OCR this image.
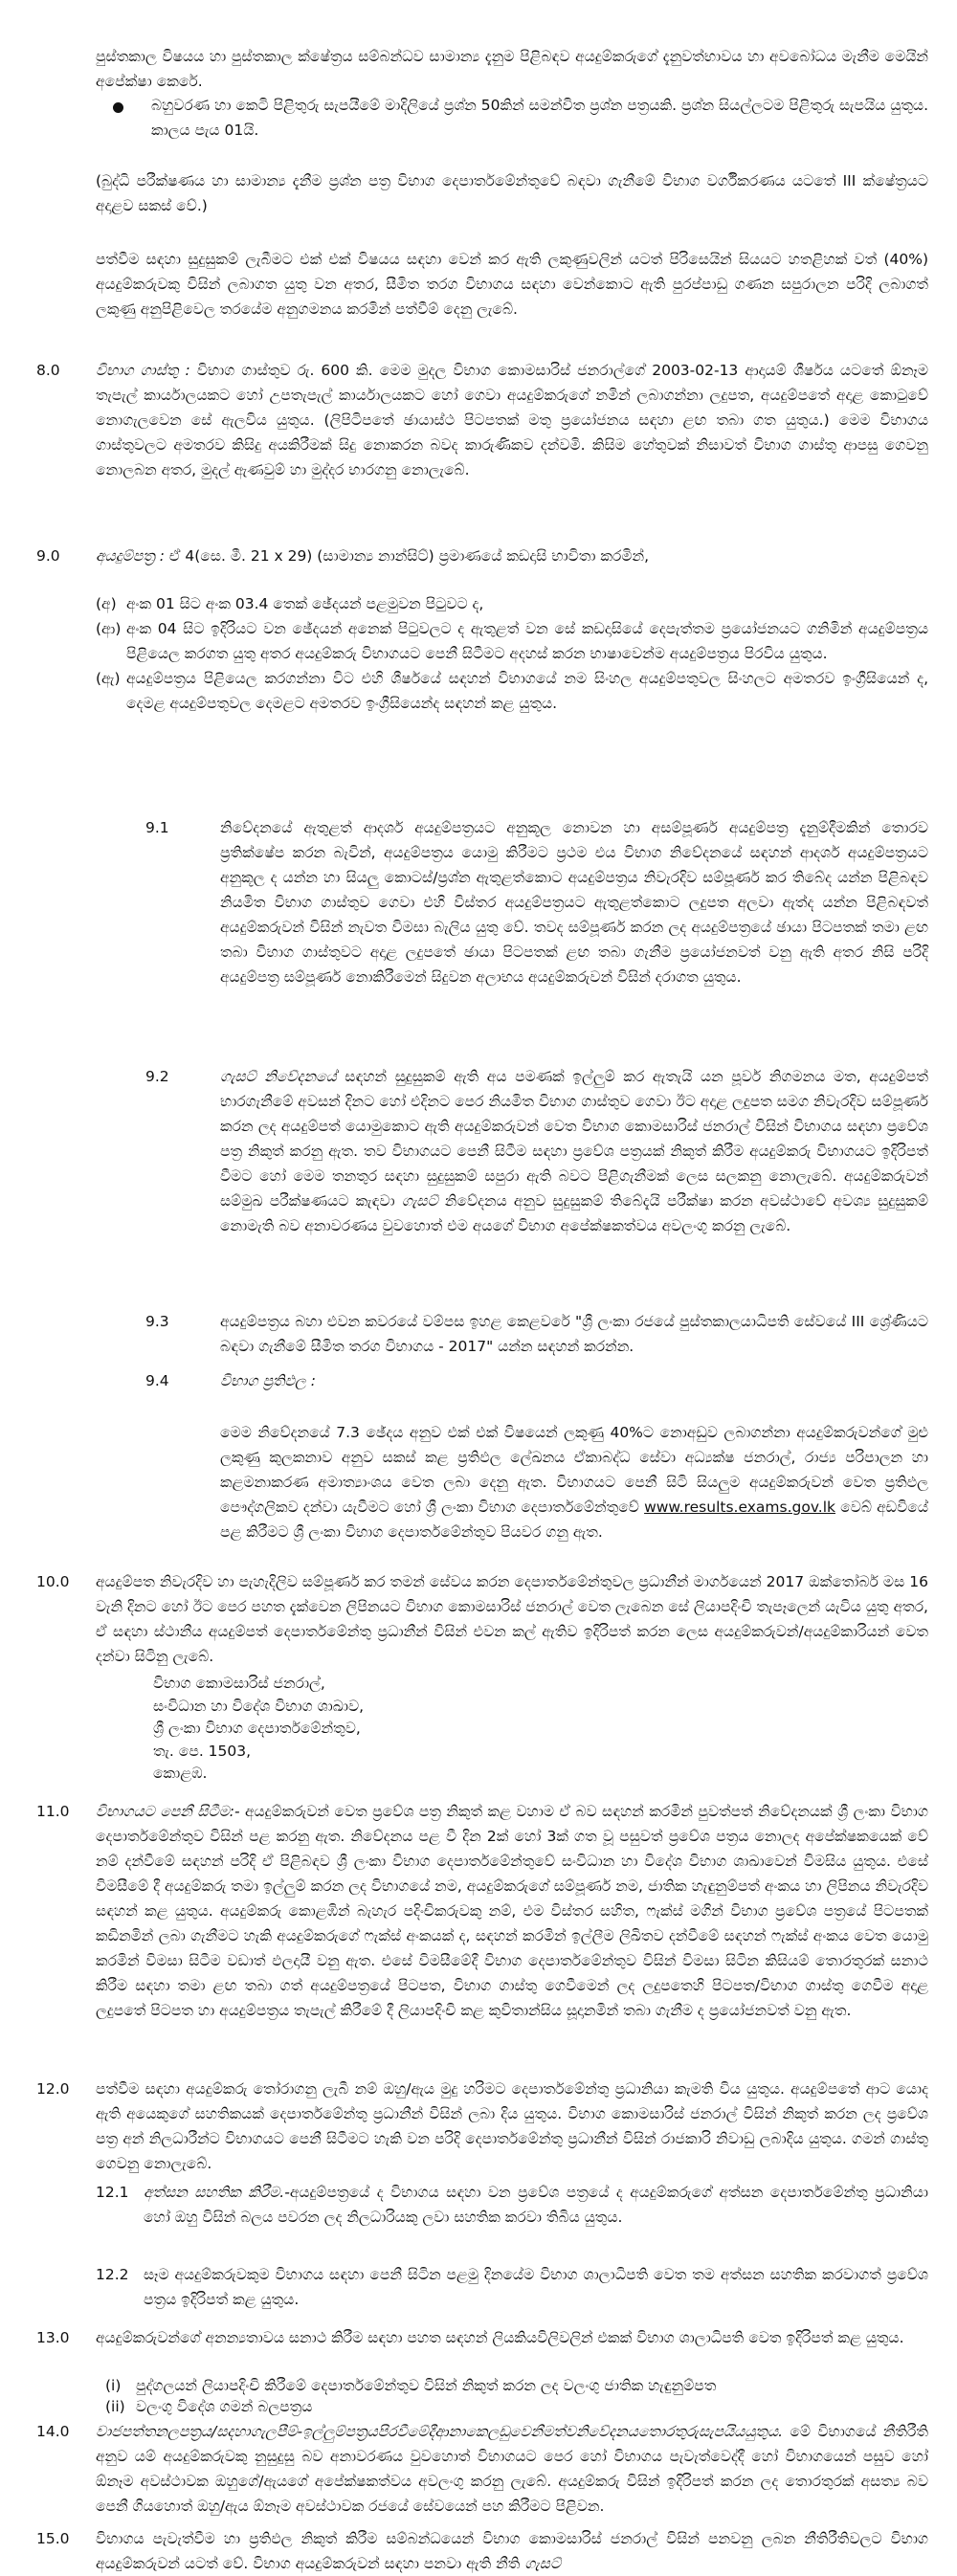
පුස්තකාල විෂයය හා පුස්තකාල ක්ෂේත්‍රය සම්බන්ධව සාමාන්‍ය දැනුම පිළිබඳව අයදුම්කරුගේ දැනුවත්භාවය හා අවබෝධය මැනීම මෙයින් අපේක්ෂා කෙරේ.

බහුවරණ හා කෙටි පිළිතුරු සැපයීමේ මාදිලියේ ප්‍රශ්න 50කින් සමන්විත ප්‍රශ්න පත්‍රයකි. ප්‍රශ්න සියල්ලටම පිළිතුරු සැපයිය යුතුය. කාලය පැය 01යි.

(බුද්ධි පරීක්ෂණය හා සාමාන්‍ය දැනීම ප්‍රශ්න පත්‍ර විභාග දෙපාර්තමේන්තුවේ බඳවා ගැනීමේ විභාග වර්ගීකරණය යටතේ III ක්ෂේත්‍රයට අදාළව සකස් වේ.)

පත්වීම සඳහා සුදුසුකම් ලැබීමට එක් එක් විෂයය සඳහා වෙන් කර ඇති ලකුණුවලින් යටත් පිරිසෙයින් සියයට හතළිහක් වත් (40%) අයදුම්කරුවකු විසින් ලබාගත යුතු වන අතර, සීමිත තරග විභාගය සඳහා වෙන්කොට ඇති පුරප්පාඩු ගණන සපුරාලන පරිදි ලබාගත් ලකුණු අනුපිළිවෙල තරයේම අනුගමනය කරමින් පත්වීම් දෙනු ලැබේ.

8.0 විභාග ගාස්තු : විභාග ගාස්තුව රු. 600 කි. මෙම මුදල විභාග කොමසාරිස් ජනරාල්ගේ 2003-02-13 ආදායම් ශීර්ෂය යටතේ ඕනෑම තැපැල් කාර්යාලයකට හෝ උපතැපැල් කාර්යාලයකට හෝ ගෙවා අයදුම්කරුගේ නමින් ලබාගන්නා ලදුපත, අයදුම්පතේ අදාළ කොටුවේ නොගැලවෙන සේ ඇලවිය යුතුය. (ලිපිටිපතේ ඡායාස්ථ පිටපතක් මතු ප්‍රයෝජනය සඳහා ළඟ තබා ගත යුතුය.) මෙම විභාගය ගාස්තුවලට අමතරව කිසිදු අයකිරීමක් සිදු නොකරන බවද කාරුණිකව දන්වමි. කිසිම හේතුවක් නිසාවත් විභාග ගාස්තු ආපසු ගෙවනු නොලබන අතර, මුදල් ඇණවුම් හා මුද්දර භාරගනු නොලැබේ.

9.0 අයදුම්පත්‍ර : ඒ 4(සෙ. මී. 21 x 29) (සාමාන්‍ය නාන්සිට්) ප්‍රමාණයේ කඩදාසි භාවිතා කරමින්,

(අ) අංක 01 සිට අංක 03.4 තෙක් ඡේදයන් පළමුවන පිටුවට ද,
(ආ) අංක 04 සිට ඉදිරියට වන ඡේදයන් අනෙක් පිටුවලට ද ඇතුළත් වන සේ කඩදාසියේ දෙපැත්තම ප්‍රයෝජනයට ගනිමින් අයදුම්පත්‍රය පිළියෙල කරගත යුතු අතර අයදුම්කරු විභාගයට පෙනී සිටීමට අදහස් කරන භාෂාවෙන්ම අයදුම්පත්‍රය පිරවිය යුතුය.
(ඇ) අයදුම්පත්‍රය පිළියෙල කරගන්නා විට එහි ශීර්ෂයේ සඳහන් විභාගයේ නම සිංහල අයදුම්පතුවල සිංහලට අමතරව ඉංග්‍රීසියෙන් ද, දෙමළ අයදුම්පතුවල දෙමළට අමතරව ඉංග්‍රීසියෙන්ද සඳහන් කළ යුතුය.

9.1	නිවේදනයේ ඇතුළත් ආදර්ශ අයදුම්පත්‍රයට අනුකූල නොවන හා අසම්පූර්ණ අයදුම්පත්‍ර දැනුම්දීමකින් තොරව ප්‍රතික්ෂේප කරන බැවින්, අයදුම්පත්‍රය යොමු කිරීමට ප්‍රථම එය විභාග නිවේදනයේ සඳහන් ආදර්ශ අයදුම්පත්‍රයට අනුකූල ද යන්න හා සියලු කොටස්/ප්‍රශ්න ඇතුළත්කොට අයදුම්පත්‍රය නිවැරදිව සම්පූර්ණ කර තිබේද යන්න පිළිබඳව නියමිත විභාග ගාස්තුව ගෙවා එහි විස්තර අයදුම්පත්‍රයට ඇතුළත්කොට ලදුපත අලවා ඇත්ද යන්න පිළිබඳවත් අයදුම්කරුවන් විසින් නැවත විමසා බැලිය යුතු වේ. තවද සම්පූර්ණ කරන ලද අයදුම්පත්‍රයේ ඡායා පිටපතක් තමා ළඟ තබා විභාග ගාස්තුවට අදාළ ලදුපතේ ඡායා පිටපතක් ළඟ තබා ගැනීම ප්‍රයෝජනවත් වනු ඇති අතර නිසි පරිදි අයදුම්පත්‍ර සම්පූර්ණ නොකිරීමෙන් සිදුවන අලාභය අයදුම්කරුවන් විසින් දරාගත යුතුය.

9.2	ගැසට් නිවේදනයේ සඳහන් සුදුසුකම් ඇති අය පමණක් ඉල්ලුම් කර ඇතැයි යන පූර්ව නිගමනය මත, අයදුම්පත් භාරගැනීමේ අවසන් දිනට හෝ එදිනට පෙර නියමිත විභාග ගාස්තුව ගෙවා ඊට අදාළ ලදුපත සමග නිවැරදිව සම්පූර්ණ කරන ලද අයදුම්පත් යොමුකොට ඇති අයදුම්කරුවන් වෙත විභාග කොමසාරිස් ජනරාල් විසින් විභාගය සඳහා ප්‍රවේශ පත්‍ර නිකුත් කරනු ඇත. තව විභාගයට පෙනී සිටීම සඳහා ප්‍රවේශ පත්‍රයක් නිකුත් කිරීම අයදුම්කරු විභාගයට ඉදිරිපත් වීමට හෝ මෙම තනතුර සඳහා සුදුසුකම් සපුරා ඇති බවට පිළිගැනීමක් ලෙස සලකනු නොලැබේ. අයදුම්කරුවන් සම්මුඛ පරීක්ෂණයට කැඳවා ගැසට් නිවේදනය අනුව සුදුසුකම් තිබේදැයි පරීක්ෂා කරන අවස්ථාවේ අවශ්‍ය සුදුසුකම් නොමැති බව අනාවරණය වුවහොත් එම අයගේ විභාග අපේක්ෂකත්වය අවලංගු කරනු ලැබේ.

9.3	අයදුම්පත්‍රය බහා එවන කවරයේ වම්පස ඉහළ කෙළවරේ "ශ්‍රී ලංකා රජයේ පුස්තකාලයාධිපති සේවයේ III ශ්‍රේණියට බඳවා ගැනීමේ සීමිත තරග විභාගය - 2017" යන්න සඳහන් කරන්න.

9.4	විභාග ප්‍රතිඵල :

මෙම නිවේදනයේ 7.3 ඡේදය අනුව එක් එක් විෂයෙන් ලකුණු 40%ට නොඅඩුව ලබාගන්නා අයදුම්කරුවන්ගේ මුළු ලකුණු කුලකනාව අනුව සකස් කළ ප්‍රතිඵල ලේඛනය ඒකාබද්ධ සේවා අධ්‍යක්ෂ ජනරාල්, රාජ්‍ය පරිපාලන හා කළමනාකරණ අමාත්‍යාංශය වෙත ලබා දෙනු ඇත. විභාගයට පෙනී සිටි සියලුම අයදුම්කරුවන් වෙත ප්‍රතිඵල පෞද්ගලිකව දන්වා යැවීමට හෝ ශ්‍රී ලංකා විභාග දෙපාර්තමේන්තුවේ www.results.exams.gov.lk වෙබ් අඩවියේ පළ කිරීමට ශ්‍රී ලංකා විභාග දෙපාර්තමේන්තුව පියවර ගනු ඇත.

10.0 අයදුම්පත නිවැරදිව හා පැහැදිලිව සම්පූර්ණ කර තමන් සේවය කරන දෙපාර්තමේන්තුවල ප්‍රධානීන් මාර්ගයෙන් 2017 ඔක්තෝබර් මස 16 වැනි දිනට හෝ ඊට පෙර පහත දැක්වෙන ලිපිනයට විභාග කොමසාරිස් ජනරාල් වෙත ලැබෙන සේ ලියාපදිංචි තැපෑලෙන් යැවිය යුතු අතර, ඒ සඳහා ස්ථානීය අයදුම්පත් දෙපාර්තමේන්තු ප්‍රධානීන් විසින් එවන කල් ඇතිව ඉදිරිපත් කරන ලෙස අයදුම්කරුවන්/අයදුම්කාරියන් වෙත දන්වා සිටිනු ලැබේ.

විභාග කොමසාරිස් ජනරාල්,
සංවිධාන හා විදේශ විභාග ශාඛාව,
ශ්‍රී ලංකා විභාග දෙපාර්තමේන්තුව,
තැ. පෙ. 1503,
කොළඹ.

11.0 විභාගයට පෙනී සිටීම:- අයදුම්කරුවන් වෙත ප්‍රවේශ පත්‍ර නිකුත් කළ වහාම ඒ බව සඳහන් කරමින් පුවත්පත් නිවේදනයක් ශ්‍රී ලංකා විභාග දෙපාර්තමේන්තුව විසින් පළ කරනු ඇත. නිවේදනය පළ වී දින 2ක් හෝ 3ක් ගත වූ පසුවත් ප්‍රවේශ පත්‍රය නොලද අපේක්ෂකයෙක් වේ නම් දන්වීමේ සඳහන් පරිදි ඒ පිළිබඳව ශ්‍රී ලංකා විභාග දෙපාර්තමේන්තුවේ සංවිධාන හා විදේශ විභාග ශාඛාවෙන් විමසිය යුතුය. එසේ විමසීමේ දී අයදුම්කරු තමා ඉල්ලුම් කරන ලද විභාගයේ නම, අයදුම්කරුගේ සම්පූර්ණ නම, ජාතික හැඳුනුම්පත් අංකය හා ලිපිනය නිවැරදිව සඳහන් කළ යුතුය. අයදුම්කරු කොළඹින් බැහැර පදිංචිකරුවකු නම්, එම විස්තර සහිත, ෆැක්ස් මගින් විභාග ප්‍රවේශ පත්‍රයේ පිටපතක් කඩිනමින් ලබා ගැනීමට හැකි අයදුම්කරුගේ ෆැක්ස් අංකයක් ද, සඳහන් කරමින් ඉල්ලීම ලිඛිතව දන්වීමේ සඳහන් ෆැක්ස් අංකය වෙත යොමු කරමින් විමසා සිටීම වඩාත් ඵලදායී වනු ඇත. එසේ විමසීමේදී විභාග දෙපාර්තමේන්තුව විසින් විමසා සිටින කිසියම් තොරතුරක් සනාථ කිරීම සඳහා තමා ළඟ තබා ගත් අයදුම්පත්‍රයේ පිටපත, විභාග ගාස්තු ගෙවීමෙන් ලද ලදුපතෙහි පිටපත/විභාග ගාස්තු ගෙවීම අදාළ ලදුපතේ පිටපත හා අයදුම්පත්‍රය තැපැල් කිරීමේ දී ලියාපදිංචි කළ කුවිතාන්සිය සූදානමින් තබා ගැනීම ද ප්‍රයෝජනවත් වනු ඇත.

12.0 පත්වීම සඳහා අයදුම්කරු තෝරාගනු ලැබී නම් ඔහු/ඇය මුදු හරිමට දෙපාර්තමේන්තු ප්‍රධානියා කැමති විය යුතුය. අයදුම්පතේ ආට යොද ඇති අයෙකුගේ සහතිකයක් දෙපාර්තමේන්තු ප්‍රධානීන් විසින් ලබා දිය යුතුය. විභාග කොමසාරිස් ජනරාල් විසින් නිකුත් කරන ලද ප්‍රවේශ පත්‍ර අන් නිලධාරීන්ට විභාගයට පෙනී සිටීමට හැකි වන පරිදි දෙපාර්තමේන්තු ප්‍රධානීන් විසින් රාජකාරි නිවාඩු ලබාදිය යුතුය. ගමන් ගාස්තු ගෙවනු නොලැබේ.

12.1 අත්සන සහතික කිරීම.-අයදුම්පත්‍රයේ ද විභාගය සඳහා වන ප්‍රවේශ පත්‍රයේ ද අයදුම්කරුගේ අත්සන දෙපාර්තමේන්තු ප්‍රධානියා හෝ ඔහු විසින් බලය පවරන ලද නිලධාරියකු ලවා සහතික කරවා තිබිය යුතුය.

12.2 සෑම අයදුම්කරුවකුම විභාගය සඳහා පෙනී සිටින පළමු දිනයේම විභාග ශාලාධිපති වෙත තම අත්සන සහතික කරවාගත් ප්‍රවේශ පත්‍රය ඉදිරිපත් කළ යුතුය.

13.0 අයදුම්කරුවන්ගේ අනන්‍යතාවය සනාථ කිරීම සඳහා පහත සඳහන් ලියකියවිලිවලින් එකක් විභාග ශාලාධිපති වෙත ඉදිරිපත් කළ යුතුය.

(i) පුද්ගලයන් ලියාපදිංචි කිරීමේ දෙපාර්තමේන්තුව විසින් නිකුත් කරන ලද වලංගු ජාතික හැඳුනුම්පත
(ii) වලංගු විදේශ ගමන් බලපත්‍රය

14.0 වාජපත්තනලපත්‍රය/සදහාගැලපීම්-ඉල්ලුම්පත්‍රයපිරවීමේදීආනාකෙලඩුවෙනීමත්වනිවේදනයතොරතුරුසැපයියයුතුය. මේ විභාගයේ නීතිරීති අනුව යම් අයදුම්කරුවකු නුසුදුසු බව අනාවරණය වුවහොත් විභාගයට පෙර හෝ විභාගය පැවැත්වෙද්දී හෝ විභාගයෙන් පසුව හෝ ඕනෑම අවස්ථාවක ඔහුගේ/ඇයගේ අපේක්ෂකත්වය අවලංගු කරනු ලැබේ. අයදුම්කරු විසින් ඉදිරිපත් කරන ලද තොරතුරක් අසත්‍ය බව පෙනී ගියහොත් ඔහු/ඇය ඕනෑම අවස්ථාවක රජයේ සේවයෙන් පහ කිරීමට පිළිවන.

15.0 විභාගය පැවැත්වීම හා ප්‍රතිඵල නිකුත් කිරීම සම්බන්ධයෙන් විභාග කොමසාරිස් ජනරාල් විසින් පනවනු ලබන නීතිරීතිවලට විභාග අයදුම්කරුවන් යටත් වේ. විභාග අයදුම්කරුවන් සඳහා පනවා ඇති නීති ගැසට්
